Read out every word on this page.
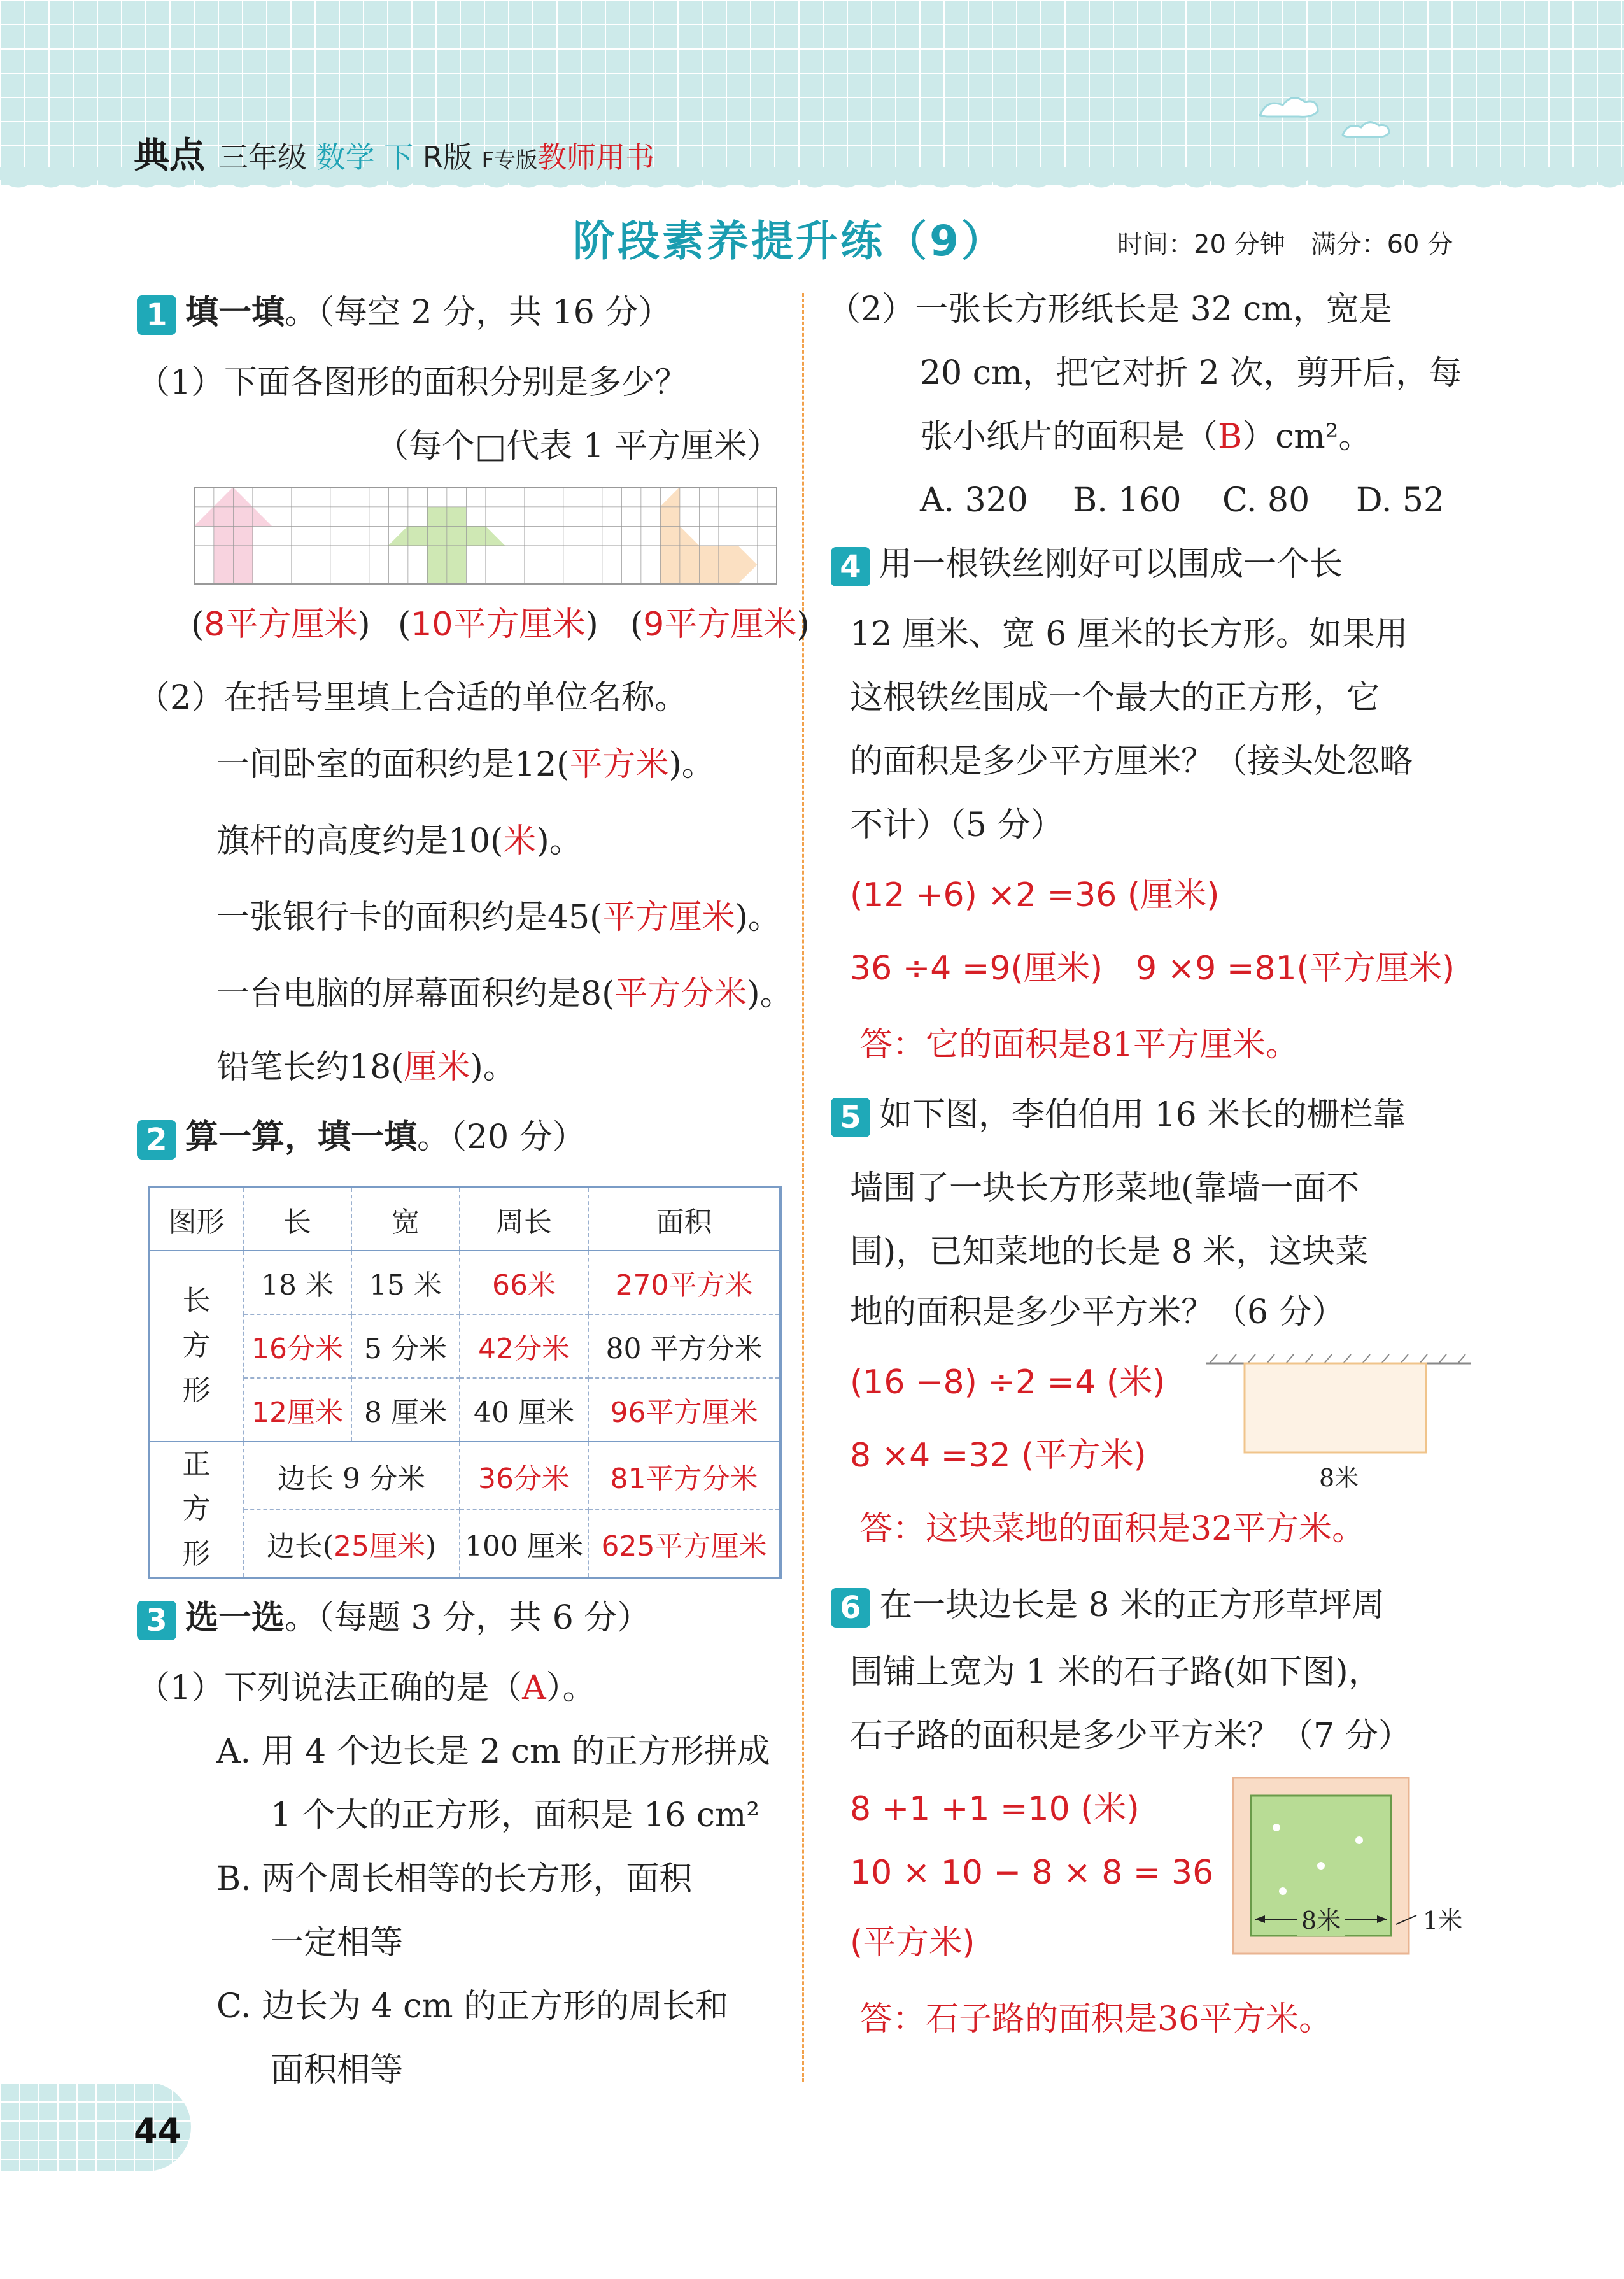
典点 三年级 数学 下 R版 F专版教师用书
阶段素养提升练（9）	时间：20 分钟　满分：60 分
1 填一填。（每空 2 分，共 16 分）
（1）下面各图形的面积分别是多少？
（每个□代表 1 平方厘米）
(8平方厘米) (10平方厘米) (9平方厘米)
（2）在括号里填上合适的单位名称。
一间卧室的面积约是12(平方米)。
旗杆的高度约是10(米)。
一张银行卡的面积约是45(平方厘米)。
一台电脑的屏幕面积约是8(平方分米)。
铅笔长约18(厘米)。
2 算一算，填一填。（20 分）
图形	长	宽	周长	面积
长方形	18 米	15 米	66米	270平方米
	16分米	5 分米	42分米	80 平方分米
	12厘米	8 厘米	40 厘米	96平方厘米
正方形	边长 9 分米		36分米	81平方分米
	边长(25厘米)		100 厘米	625平方厘米
3 选一选。（每题 3 分，共 6 分）
（1）下列说法正确的是（A）。
A. 用 4 个边长是 2 cm 的正方形拼成
1 个大的正方形，面积是 16 cm²
B. 两个周长相等的长方形，面积
一定相等
C. 边长为 4 cm 的正方形的周长和
面积相等
（2）一张长方形纸长是 32 cm，宽是
20 cm，把它对折 2 次，剪开后，每
张小纸片的面积是（B）cm²。
A. 320 B. 160 C. 80 D. 52
4 用一根铁丝刚好可以围成一个长
12 厘米、宽 6 厘米的长方形。如果用
这根铁丝围成一个最大的正方形，它
的面积是多少平方厘米？（接头处忽略
不计）（5 分）
(12 +6) ×2 =36 (厘米)
36 ÷4 =9(厘米)　9 ×9 =81(平方厘米)
答：它的面积是81平方厘米。
5 如下图，李伯伯用 16 米长的栅栏靠
墙围了一块长方形菜地(靠墙一面不
围)，已知菜地的长是 8 米，这块菜
地的面积是多少平方米？（6 分）
(16 −8) ÷2 =4 (米)
8 ×4 =32 (平方米)
8米
答：这块菜地的面积是32平方米。
6 在一块边长是 8 米的正方形草坪周
围铺上宽为 1 米的石子路(如下图)，
石子路的面积是多少平方米？（7 分）
8 +1 +1 =10 (米)
10 × 10 − 8 × 8 = 36
(平方米)
8米	1米
答：石子路的面积是36平方米。
44
